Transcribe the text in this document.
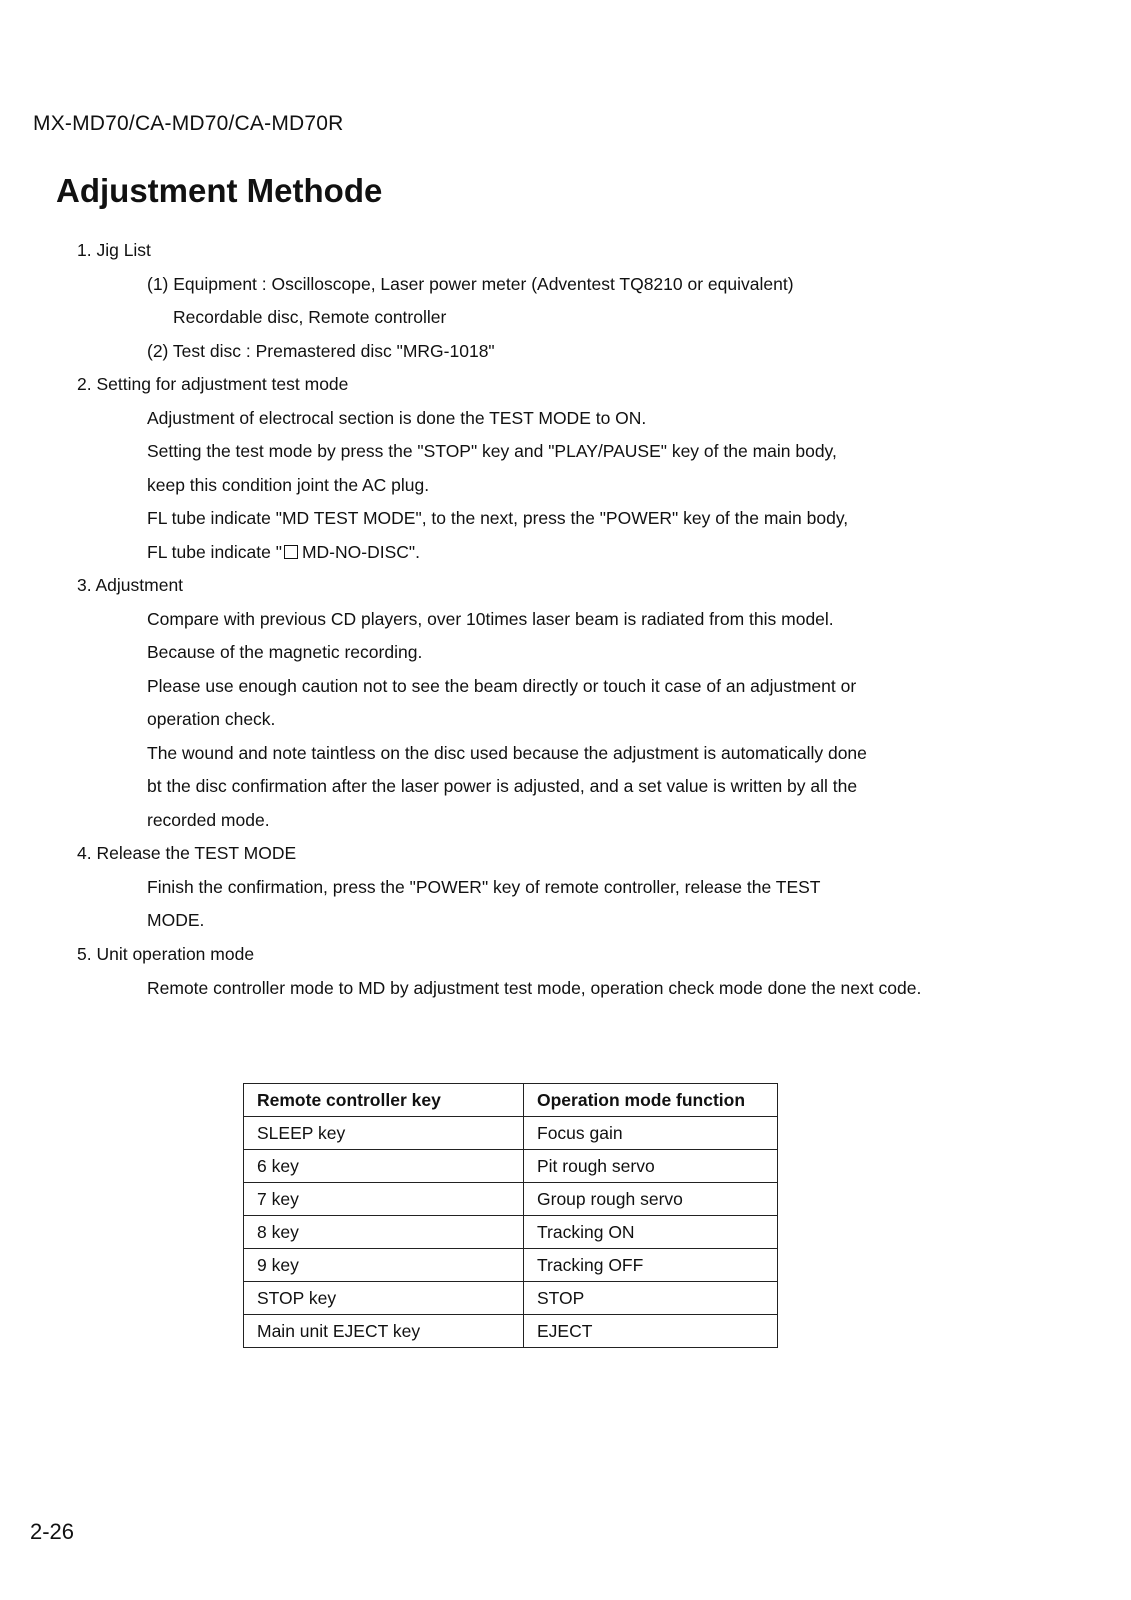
MX-MD70/CA-MD70/CA-MD70R
Adjustment Methode
1. Jig List
(1) Equipment : Oscilloscope, Laser power meter (Adventest TQ8210 or equivalent)
Recordable disc, Remote controller
(2) Test disc : Premastered disc "MRG-1018"
2. Setting for adjustment test mode
Adjustment of electrocal section is done the TEST MODE to ON.
Setting the test mode by press the "STOP" key and "PLAY/PAUSE" key of the main body,
keep this condition joint the AC plug.
FL tube indicate "MD TEST MODE", to the next, press the "POWER" key of the main body,
FL tube indicate " MD-NO-DISC".
3. Adjustment
Compare with previous CD players, over 10times laser beam is radiated from this model.
Because of the magnetic recording.
Please use enough caution not to see the beam directly or touch it case of an adjustment or
operation check.
The wound and note taintless on the disc used because the adjustment is automatically done
bt the disc confirmation after the laser power is adjusted, and a set value is written by all the
recorded mode.
4. Release the TEST MODE
Finish the confirmation, press the "POWER" key of remote controller, release the TEST
MODE.
5. Unit operation mode
Remote controller mode to MD by adjustment test mode, operation check mode done the next code.
Remote controller key	Operation mode function
SLEEP key	Focus gain
6 key	Pit rough servo
7 key	Group rough servo
8 key	Tracking ON
9 key	Tracking OFF
STOP key	STOP
Main unit EJECT key	EJECT
2-26
